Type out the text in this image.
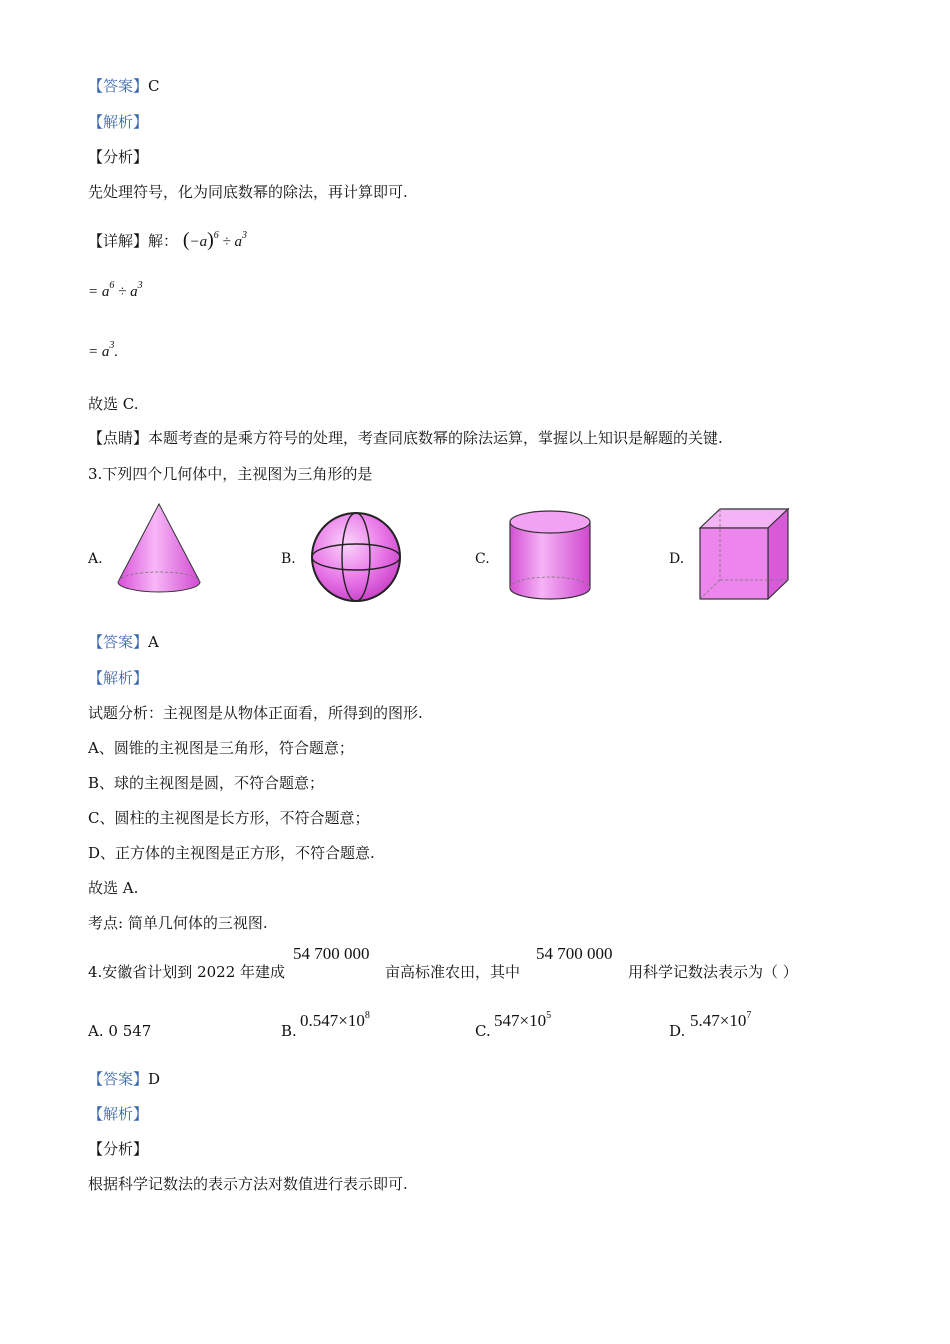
【答案】C
【解析】
【分析】
先处理符号，化为同底数幂的除法，再计算即可.
【详解】解： $(-a)^6 \div a^3$
= $a^6 \div a^3$
= $a^3$.
故选 C.
【点睛】本题考查的是乘方符号的处理，考查同底数幂的除法运算，掌握以上知识是解题的关键.
3.下列四个几何体中，主视图为三角形的是
A.	B.	C.	D.
【答案】A
【解析】
试题分析：主视图是从物体正面看，所得到的图形.
A、圆锥的主视图是三角形，符合题意；
B、球的主视图是圆，不符合题意；
C、圆柱的主视图是长方形，不符合题意；
D、正方体的主视图是正方形，不符合题意.
故选 A.
考点: 简单几何体的三视图.
4.安徽省计划到 2022 年建成
54 700 000
亩高标准农田，其中
54 700 000
用科学记数法表示为（ ）
A. 0 547	B.
$0.547\times 10^8$
C.
$547\times 10^5$
D.
$5.47\times 10^7$
【答案】D
【解析】
【分析】
根据科学记数法的表示方法对数值进行表示即可.
